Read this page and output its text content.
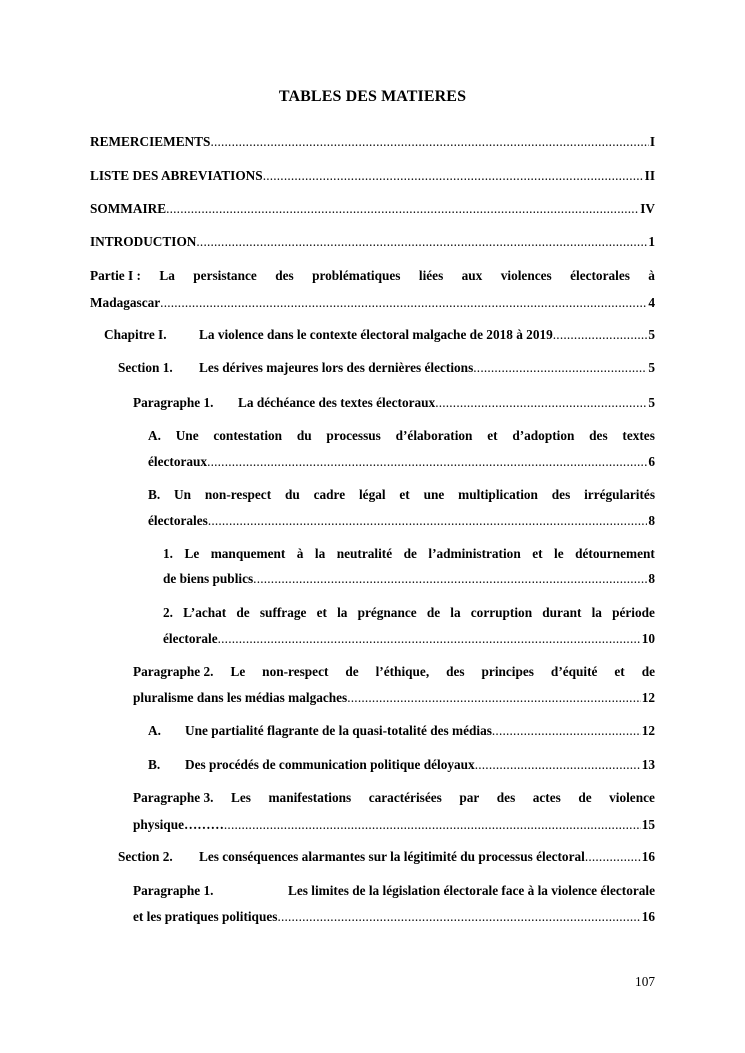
TABLES DES MATIERES
REMERCIEMENTS .....	I
LISTE DES ABREVIATIONS .....	II
SOMMAIRE .....	IV
INTRODUCTION .....	1
Partie I : La persistance des problématiques liées aux violences électorales à
Madagascar .....	4
Chapitre I.	La violence dans le contexte électoral malgache de 2018 à 2019 .....	5
Section 1.	Les dérives majeures lors des dernières élections .....	5
Paragraphe 1.	La déchéance des textes électoraux .....	5
A. Une contestation du processus d’élaboration et d’adoption des textes
électoraux .....	6
B. Un non-respect du cadre légal et une multiplication des irrégularités
électorales .....	8
1. Le manquement à la neutralité de l’administration et le détournement
de biens publics .....	8
2. L’achat de suffrage et la prégnance de la corruption durant la période
électorale .....	10
Paragraphe 2. Le non-respect de l’éthique, des principes d’équité et de
pluralisme dans les médias malgaches .....	12
A.	Une partialité flagrante de la quasi-totalité des médias .....	12
B.	Des procédés de communication politique déloyaux .....	13
Paragraphe 3. Les manifestations caractérisées par des actes de violence
physique……… .....	15
Section 2.	Les conséquences alarmantes sur la légitimité du processus électoral .....	16
Paragraphe 1.	Les limites de la législation électorale face à la violence électorale
et les pratiques politiques .....	16
107
